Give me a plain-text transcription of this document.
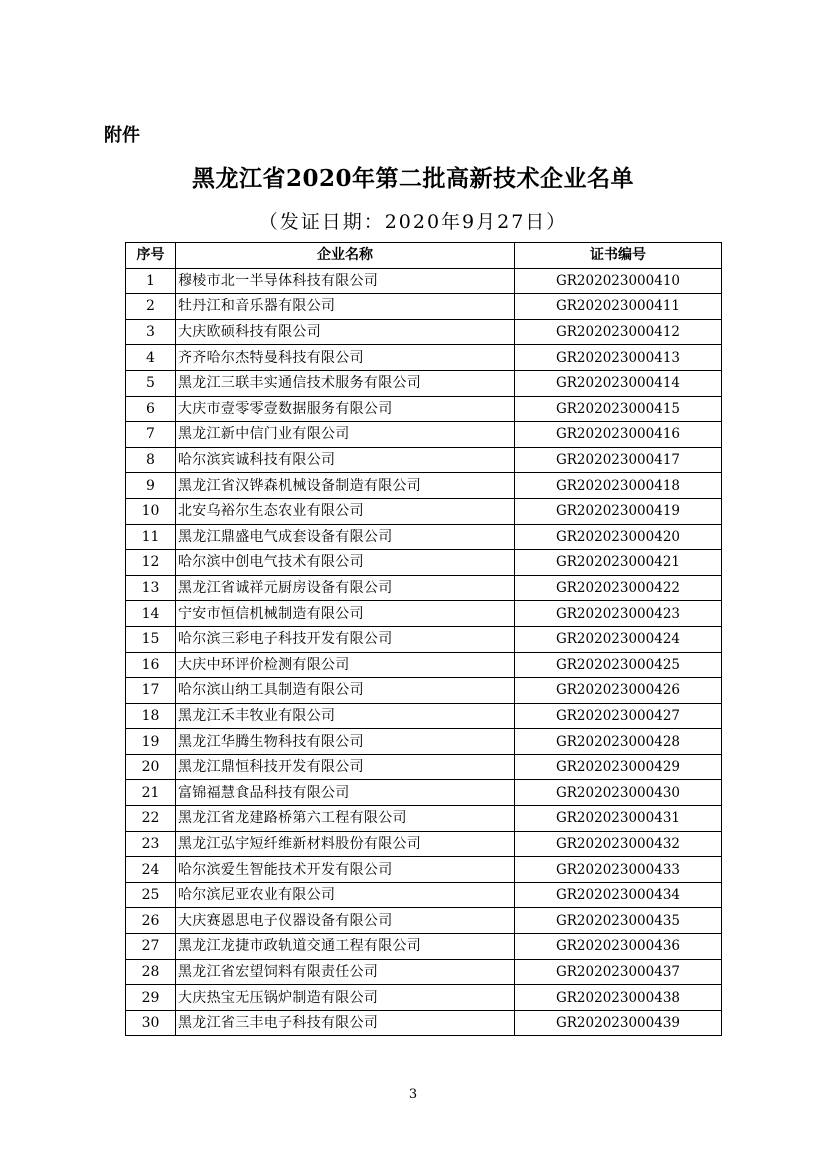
附件
黑龙江省2020年第二批高新技术企业名单
（发证日期：2020年9月27日）
序号	企业名称	证书编号
1	穆棱市北一半导体科技有限公司	GR202023000410
2	牡丹江和音乐器有限公司	GR202023000411
3	大庆欧硕科技有限公司	GR202023000412
4	齐齐哈尔杰特曼科技有限公司	GR202023000413
5	黑龙江三联丰实通信技术服务有限公司	GR202023000414
6	大庆市壹零零壹数据服务有限公司	GR202023000415
7	黑龙江新中信门业有限公司	GR202023000416
8	哈尔滨宾诚科技有限公司	GR202023000417
9	黑龙江省汉铧森机械设备制造有限公司	GR202023000418
10	北安乌裕尔生态农业有限公司	GR202023000419
11	黑龙江鼎盛电气成套设备有限公司	GR202023000420
12	哈尔滨中创电气技术有限公司	GR202023000421
13	黑龙江省诚祥元厨房设备有限公司	GR202023000422
14	宁安市恒信机械制造有限公司	GR202023000423
15	哈尔滨三彩电子科技开发有限公司	GR202023000424
16	大庆中环评价检测有限公司	GR202023000425
17	哈尔滨山纳工具制造有限公司	GR202023000426
18	黑龙江禾丰牧业有限公司	GR202023000427
19	黑龙江华腾生物科技有限公司	GR202023000428
20	黑龙江鼎恒科技开发有限公司	GR202023000429
21	富锦福慧食品科技有限公司	GR202023000430
22	黑龙江省龙建路桥第六工程有限公司	GR202023000431
23	黑龙江弘宇短纤维新材料股份有限公司	GR202023000432
24	哈尔滨爱生智能技术开发有限公司	GR202023000433
25	哈尔滨尼亚农业有限公司	GR202023000434
26	大庆赛恩思电子仪器设备有限公司	GR202023000435
27	黑龙江龙捷市政轨道交通工程有限公司	GR202023000436
28	黑龙江省宏望饲料有限责任公司	GR202023000437
29	大庆热宝无压锅炉制造有限公司	GR202023000438
30	黑龙江省三丰电子科技有限公司	GR202023000439
3
